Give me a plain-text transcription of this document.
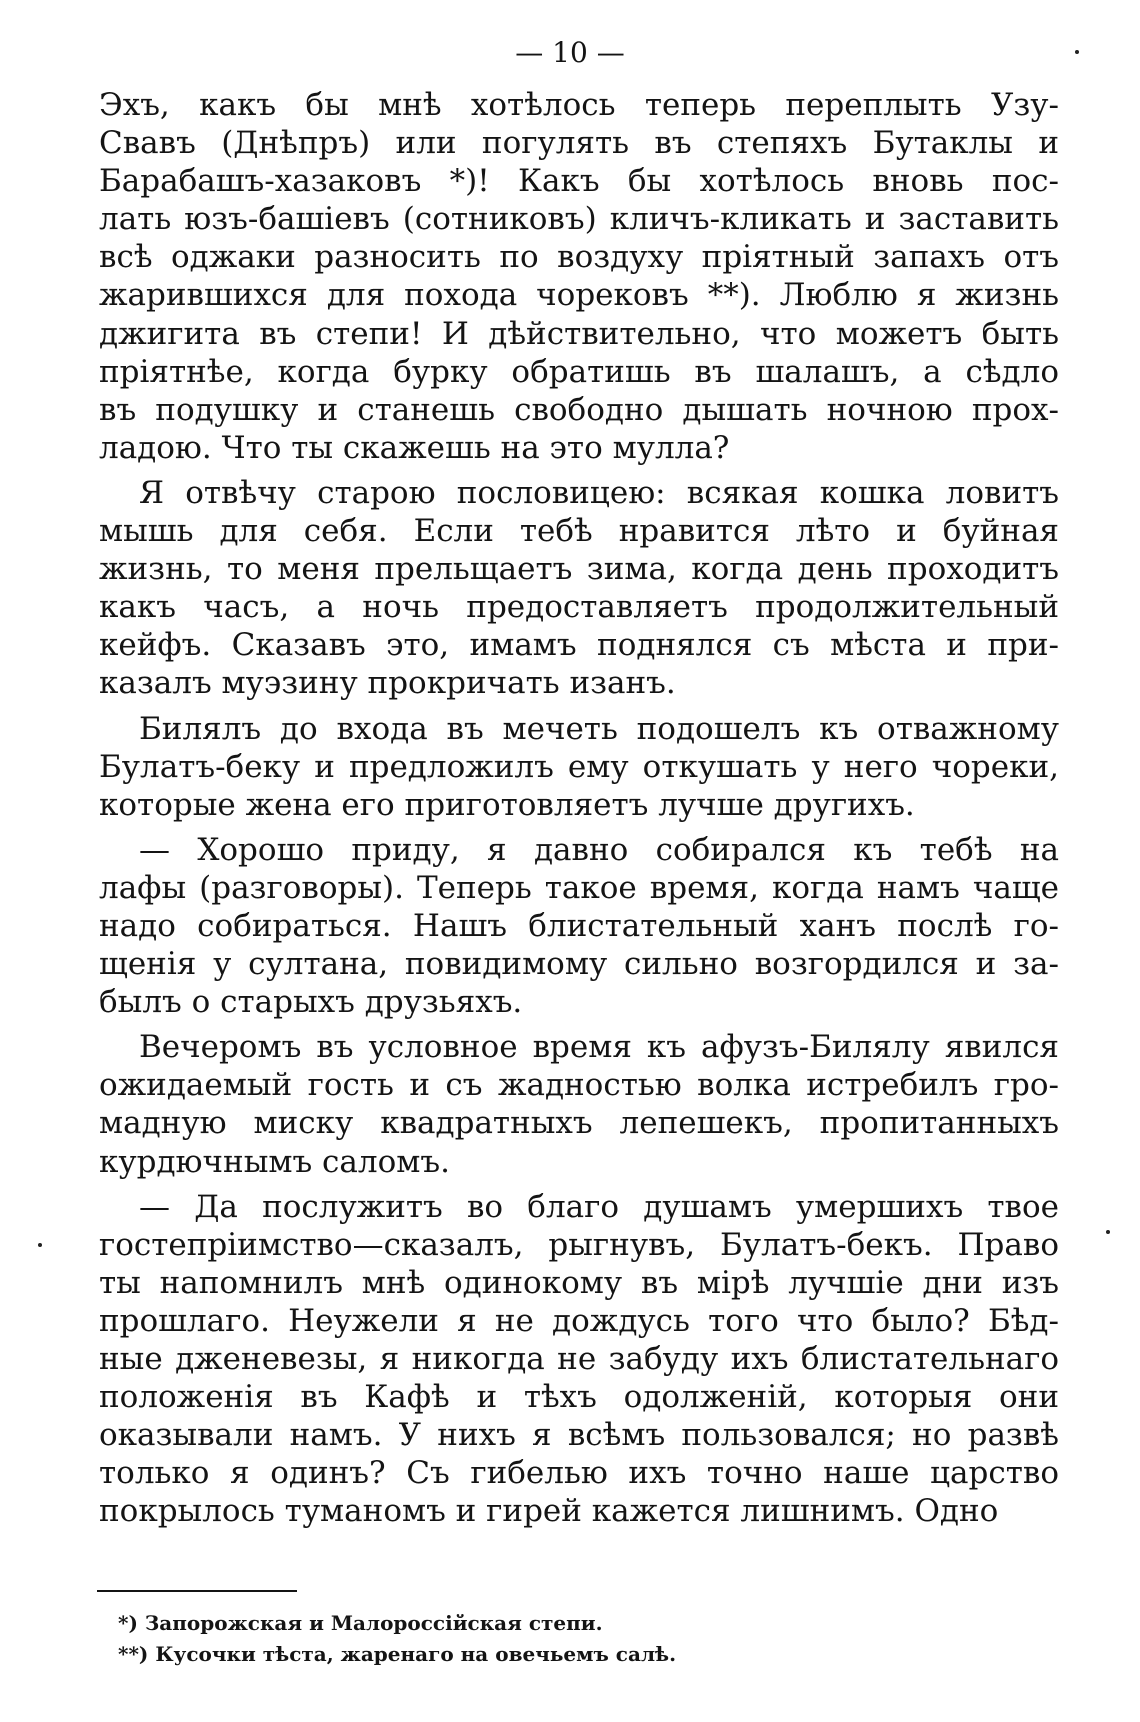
— 10 —
Эхъ, какъ бы мнѣ хотѣлось теперь переплыть Узу-
Свавъ (Днѣпръ) или погулять въ степяхъ Бутаклы и
Барабашъ-хазаковъ *)! Какъ бы хотѣлось вновь пос-
лать юзъ-башіевъ (сотниковъ) кличъ-кликать и заставить
всѣ оджаки разносить по воздуху пріятный запахъ отъ
жарившихся для похода чорековъ **). Люблю я жизнь
джигита въ степи! И дѣйствительно, что можетъ быть
пріятнѣе, когда бурку обратишь въ шалашъ, а сѣдло
въ подушку и станешь свободно дышать ночною прох-
ладою. Что ты скажешь на это мулла?
Я отвѣчу старою пословицею: всякая кошка ловитъ
мышь для себя. Если тебѣ нравится лѣто и буйная
жизнь, то меня прельщаетъ зима, когда день проходитъ
какъ часъ, а ночь предоставляетъ продолжительный
кейфъ. Сказавъ это, имамъ поднялся съ мѣста и при-
казалъ муэзину прокричать изанъ.
Билялъ до входа въ мечеть подошелъ къ отважному
Булатъ-беку и предложилъ ему откушать у него чореки,
которые жена его приготовляетъ лучше другихъ.
— Хорошо приду, я давно собирался къ тебѣ на
лафы (разговоры). Теперь такое время, когда намъ чаще
надо собираться. Нашъ блистательный ханъ послѣ го-
щенія у султана, повидимому сильно возгордился и за-
былъ о старыхъ друзьяхъ.
Вечеромъ въ условное время къ афузъ-Билялу явился
ожидаемый гость и съ жадностью волка истребилъ гро-
мадную миску квадратныхъ лепешекъ, пропитанныхъ
курдючнымъ саломъ.
— Да послужитъ во благо душамъ умершихъ твое
гостепріимство—сказалъ, рыгнувъ, Булатъ-бекъ. Право
ты напомнилъ мнѣ одинокому въ мірѣ лучшіе дни изъ
прошлаго. Неужели я не дождусь того что было? Бѣд-
ные дженевезы, я никогда не забуду ихъ блистательнаго
положенія въ Кафѣ и тѣхъ одолженій, которыя они
оказывали намъ. У нихъ я всѣмъ пользовался; но развѣ
только я одинъ? Съ гибелью ихъ точно наше царство
покрылось туманомъ и гирей кажется лишнимъ. Одно
*) Запорожская и Малороссійская степи.
**) Кусочки тѣста, жаренаго на овечьемъ салѣ.
